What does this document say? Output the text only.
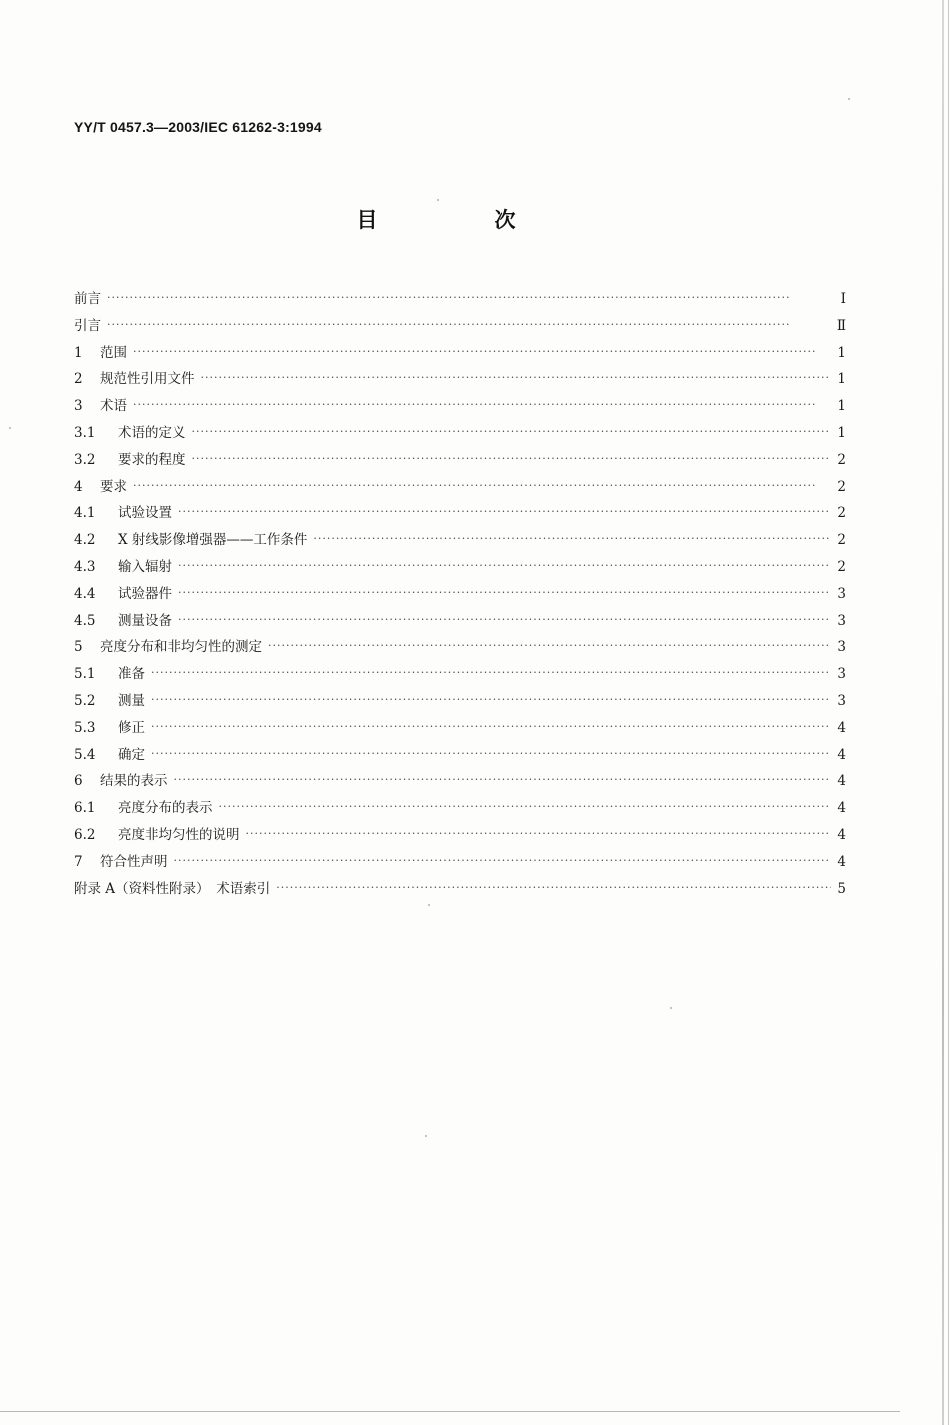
YY/T 0457.3—2003/IEC 61262-3:1994
目　次
前言 ·····	Ⅰ
引言 ·····	Ⅱ
1	范围 ·····	1
2	规范性引用文件 ·····	1
3	术语 ·····	1
3.1	术语的定义 ·····	1
3.2	要求的程度 ·····	2
4	要求 ·····	2
4.1	试验设置 ·····	2
4.2	X 射线影像增强器——工作条件 ·····	2
4.3	输入辐射 ·····	2
4.4	试验器件 ·····	3
4.5	测量设备 ·····	3
5	亮度分布和非均匀性的测定 ·····	3
5.1	准备 ·····	3
5.2	测量 ·····	3
5.3	修正 ·····	4
5.4	确定 ·····	4
6	结果的表示 ·····	4
6.1	亮度分布的表示 ·····	4
6.2	亮度非均匀性的说明 ·····	4
7	符合性声明 ·····	4
附录 A（资料性附录）　术语索引 ·····	5
